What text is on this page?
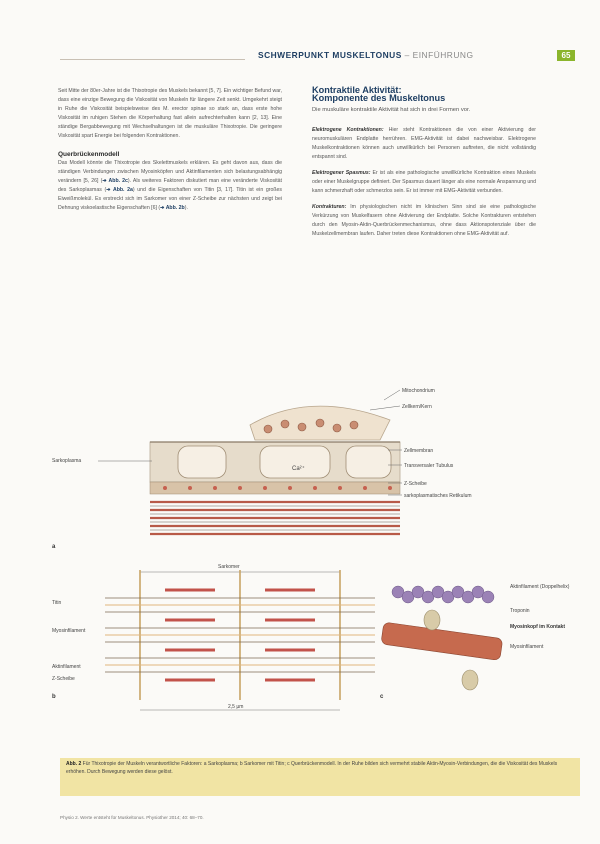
SCHWERPUNKT MUSKELTONUS – EINFÜHRUNG	65

Seit Mitte der 80er-Jahre ist die Thixotropie des Muskels bekannt [5, 7]. Ein wichtiger Befund war, dass eine einzige Bewegung die Viskosität von Muskeln für längere Zeit senkt. Umgekehrt steigt in Ruhe die Viskosität beispielsweise des M. erector spinae so stark an, dass erste hohe Viskosität im ruhigen Stehen die Körperhaltung fast allein aufrechterhalten kann [2, 13]. Eine ständige Bergabbewegung mit Wechselhaltungen ist die muskuläre Thixotropie. Die geringere Viskosität spart Energie bei folgenden Kontraktionen.

Querbrückenmodell

Das Modell könnte die Thixotropie des Skelettmuskels erklären. Es geht davon aus, dass die ständigen Verbindungen zwischen Myosinköpfen und Aktinfilamenten sich belastungsabhängig verändern [5, 26] (➔ Abb. 2c). Als weiteres Faktoren diskutiert man eine veränderte Viskosität des Sarkoplasmas (➔ Abb. 2a) und die Eigenschaften von Titin [3, 17]. Titin ist ein großes Eiweißmolekül. Es erstreckt sich im Sarkomer von einer Z-Scheibe zur nächsten und zeigt bei Dehnung viskoelastische Eigenschaften [6] (➔ Abb. 2b).

Kontraktile Aktivität:
Komponente des Muskeltonus
Die muskuläre kontraktile Aktivität hat sich in drei Formen vor.

Elektrogene Kontraktionen: Hier steht Kontraktionen die von einer Aktivierung der neuromuskulären Endplatte herrühren. EMG-Aktivität ist dabei nachweisbar. Elektrogene Muskelkontraktionen können auch unwillkürlich bei Personen auftreten, die nicht vollständig entspannt sind.

Elektrogener Spasmus: Er ist als eine pathologische unwillkürliche Kontraktion eines Muskels oder einer Muskelgruppe definiert. Der Spasmus dauert länger als eine normale Anspannung und kann schmerzhaft oder schmerzlos sein. Er ist immer mit EMG-Aktivität verbunden.

Kontrakturen: Im physiologischen nicht im klinischen Sinn sind sie eine pathologische Verkürzung von Muskelfasern ohne Aktivierung der Endplatte. Solche Kontrakturen entstehen durch den Myosin-Aktin-Querbrückenmechanismus, ohne dass Aktionspotenziale über die Muskelzellmembran laufen. Daher treten diese Kontraktionen ohne EMG-Aktivität auf.

Mitochondrium
Zellkern/Kern
Sarkoplasma
Ca²⁺
Zellmembran
Transversaler Tubulus
Z-Scheibe
sarkoplasmatisches Retikulum
a
Sarkomer
Titin
Myosinfilament
Aktinfilament
Z-Scheibe
2,5 µm
b
Aktinfilament (Doppelhelix)
Troponin
Myosinkopf im Kontakt
Myosinfilament
c
Abb. 2 Für Thixotropie der Muskeln verantwortliche Faktoren: a Sarkoplasma; b Sarkomer mit Titin; c Querbrückenmodell. In der Ruhe bilden sich vermehrt stabile Aktin-Myosin-Verbindungen, die die Viskosität des Muskels erhöhen. Durch Bewegung werden diese gelöst.
Physio 2. Werte entsteht für Muskeltonus. Physiother 2014; 40: 68–70.
